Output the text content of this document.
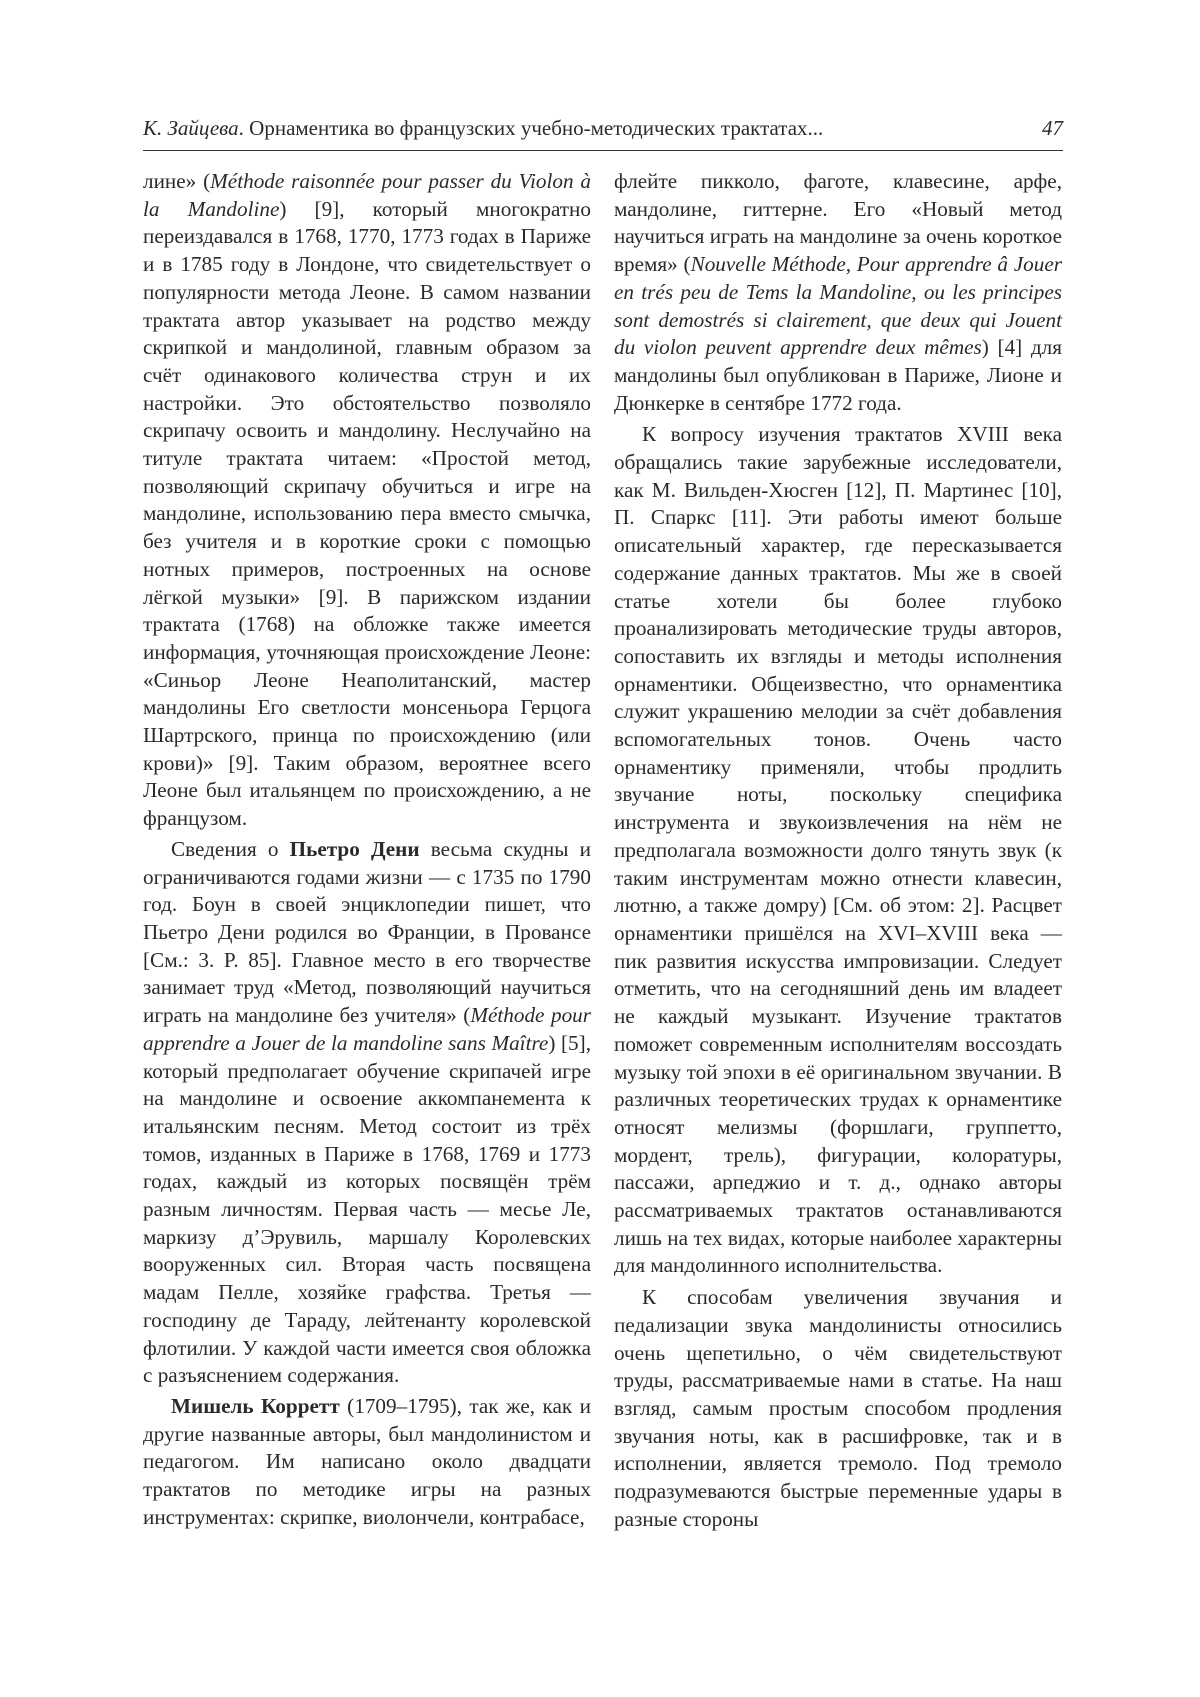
К. Зайцева. Орнаментика во французских учебно-методических трактатах...	47

лине» (Méthode raisonnée pour passer du Violon à la Mandoline) [9], который многократно переиздавался в 1768, 1770, 1773 годах в Париже и в 1785 году в Лондоне, что свидетельствует о популярности метода Леоне. В самом названии трактата автор указывает на родство между скрипкой и мандолиной, главным образом за счёт одинакового количества струн и их настройки. Это обстоятельство позволяло скрипачу освоить и мандолину. Неслучайно на титуле трактата читаем: «Простой метод, позволяющий скрипачу обучиться и игре на мандолине, использованию пера вместо смычка, без учителя и в короткие сроки с помощью нотных примеров, построенных на основе лёгкой музыки» [9]. В парижском издании трактата (1768) на обложке также имеется информация, уточняющая происхождение Леоне: «Синьор Леоне Неаполитанский, мастер мандолины Его светлости монсеньора Герцога Шартрского, принца по происхождению (или крови)» [9]. Таким образом, вероятнее всего Леоне был итальянцем по происхождению, а не французом.

Сведения о Пьетро Дени весьма скудны и ограничиваются годами жизни — с 1735 по 1790 год. Боун в своей энциклопедии пишет, что Пьетро Дени родился во Франции, в Провансе [См.: 3. P. 85]. Главное место в его творчестве занимает труд «Метод, позволяющий научиться играть на мандолине без учителя» (Méthode pour apprendre a Jouer de la mandoline sans Maître) [5], который предполагает обучение скрипачей игре на мандолине и освоение аккомпанемента к итальянским песням. Метод состоит из трёх томов, изданных в Париже в 1768, 1769 и 1773 годах, каждый из которых посвящён трём разным личностям. Первая часть — месье Ле, маркизу д’Эрувиль, маршалу Королевских вооруженных сил. Вторая часть посвящена мадам Пелле, хозяйке графства. Третья — господину де Тараду, лейтенанту королевской флотилии. У каждой части имеется своя обложка с разъяснением содержания.

Мишель Корретт (1709–1795), так же, как и другие названные авторы, был мандолинистом и педагогом. Им написано около двадцати трактатов по методике игры на разных инструментах: скрипке, виолончели, контрабасе,

флейте пикколо, фаготе, клавесине, арфе, мандолине, гиттерне. Его «Новый метод научиться играть на мандолине за очень короткое время» (Nouvelle Méthode, Pour apprendre â Jouer en trés peu de Tems la Mandoline, ou les principes sont demostrés si clairement, que deux qui Jouent du violon peuvent apprendre deux mêmes) [4] для мандолины был опубликован в Париже, Лионе и Дюнкерке в сентябре 1772 года.

К вопросу изучения трактатов XVIII века обращались такие зарубежные исследователи, как М. Вильден-Хюсген [12], П. Мартинес [10], П. Спаркс [11]. Эти работы имеют больше описательный характер, где пересказывается содержание данных трактатов. Мы же в своей статье хотели бы более глубоко проанализировать методические труды авторов, сопоставить их взгляды и методы исполнения орнаментики. Общеизвестно, что орнаментика служит украшению мелодии за счёт добавления вспомогательных тонов. Очень часто орнаментику применяли, чтобы продлить звучание ноты, поскольку специфика инструмента и звукоизвлечения на нём не предполагала возможности долго тянуть звук (к таким инструментам можно отнести клавесин, лютню, а также домру) [См. об этом: 2]. Расцвет орнаментики пришёлся на XVI–XVIII века — пик развития искусства импровизации. Следует отметить, что на сегодняшний день им владеет не каждый музыкант. Изучение трактатов поможет современным исполнителям воссоздать музыку той эпохи в её оригинальном звучании. В различных теоретических трудах к орнаментике относят мелизмы (форшлаги, группетто, мордент, трель), фигурации, колоратуры, пассажи, арпеджио и т. д., однако авторы рассматриваемых трактатов останавливаются лишь на тех видах, которые наиболее характерны для мандолинного исполнительства.

К способам увеличения звучания и педализации звука мандолинисты относились очень щепетильно, о чём свидетельствуют труды, рассматриваемые нами в статье. На наш взгляд, самым простым способом продления звучания ноты, как в расшифровке, так и в исполнении, является тремоло. Под тремоло подразумеваются быстрые переменные удары в разные стороны
